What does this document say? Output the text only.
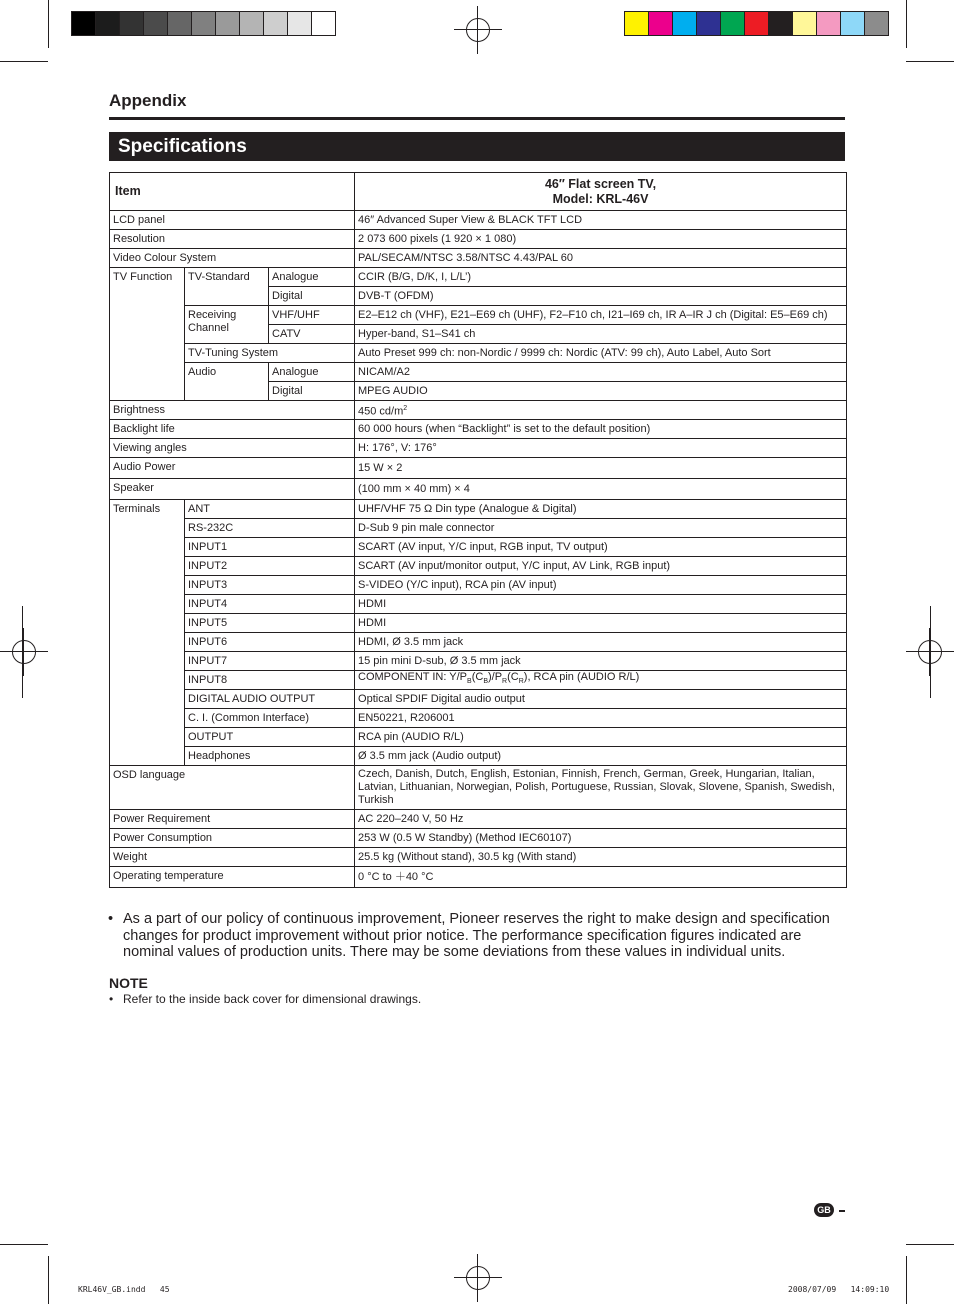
Appendix
Specifications
Item			46″ Flat screen TV,
Model: KRL-46V
LCD panel			46″ Advanced Super View & BLACK TFT LCD
Resolution			2 073 600 pixels (1 920 × 1 080)
Video Colour System			PAL/SECAM/NTSC 3.58/NTSC 4.43/PAL 60
TV Function	TV-Standard	Analogue	CCIR (B/G, D/K, I, L/L’)
		Digital	DVB-T (OFDM)
	Receiving Channel	VHF/UHF	E2–E12 ch (VHF), E21–E69 ch (UHF), F2–F10 ch, I21–I69 ch, IR A–IR J ch (Digital: E5–E69 ch)
		CATV	Hyper-band, S1–S41 ch
	TV-Tuning System		Auto Preset 999 ch: non-Nordic / 9999 ch: Nordic (ATV: 99 ch), Auto Label, Auto Sort
	Audio	Analogue	NICAM/A2
		Digital	MPEG AUDIO
Brightness			450 $cd/m^2$
Backlight life			60 000 hours (when “Backlight” is set to the default position)
Viewing angles			H: 176°, V: 176°
Audio Power			15 W × 2
Speaker			(100 mm × 40 mm) × 4
Terminals	ANT		UHF/VHF 75 Ω Din type (Analogue & Digital)
	RS-232C		D-Sub 9 pin male connector
	INPUT1		SCART (AV input, Y/C input, RGB input, TV output)
	INPUT2		SCART (AV input/monitor output, Y/C input, AV Link, RGB input)
	INPUT3		S-VIDEO (Y/C input), RCA pin (AV input)
	INPUT4		HDMI
	INPUT5		HDMI
	INPUT6		HDMI, Ø 3.5 mm jack
	INPUT7		15 pin mini D-sub, Ø 3.5 mm jack
	INPUT8		COMPONENT IN: $Y/P_B(C_B)/P_R(C_R)$, RCA pin (AUDIO R/L)
	DIGITAL AUDIO OUTPUT		Optical SPDIF Digital audio output
	C. I. (Common Interface)		EN50221, R206001
	OUTPUT		RCA pin (AUDIO R/L)
	Headphones		Ø 3.5 mm jack (Audio output)
OSD language			Czech, Danish, Dutch, English, Estonian, Finnish, French, German, Greek, Hungarian, Italian, Latvian, Lithuanian, Norwegian, Polish, Portuguese, Russian, Slovak, Slovene, Spanish, Swedish, Turkish
Power Requirement			AC 220–240 V, 50 Hz
Power Consumption			253 W (0.5 W Standby) (Method IEC60107)
Weight			25.5 kg (Without stand), 30.5 kg (With stand)
Operating temperature			0 °C to ＋40 °C
• As a part of our policy of continuous improvement, Pioneer reserves the right to make design and specification changes for product improvement without prior notice. The performance specification figures indicated are nominal values of production units. There may be some deviations from these values in individual units.
NOTE
• Refer to the inside back cover for dimensional drawings.
GB
KRL46V_GB.indd   45	2008/07/09   14:09:10
